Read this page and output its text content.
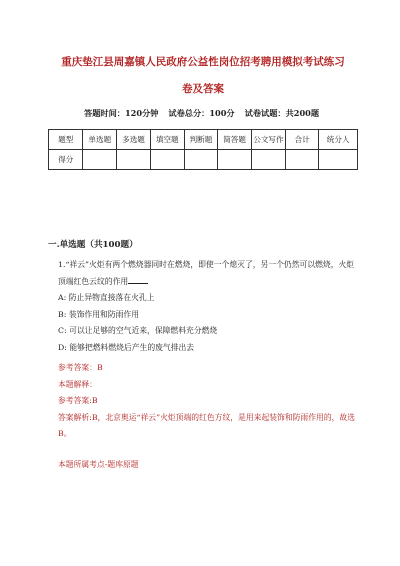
重庆垫江县周嘉镇人民政府公益性岗位招考聘用模拟考试练习卷及答案
答题时间：120分钟 试卷总分：100分 试卷试题：共200题
题型	单选题	多选题	填空题	判断题	简答题	公文写作	合计	统分人
得分								
一.单选题（共100题）
1.“祥云”火炬有两个燃烧器同时在燃烧，即使一个熄灭了，另一个仍然可以燃烧，火炬顶端红色云纹的作用
A: 防止异物直接落在火孔上
B: 装饰作用和防雨作用
C: 可以让足够的空气近来，保障燃料充分燃烧
D: 能够把燃料燃烧后产生的废气排出去
参考答案：B
本题解释：
参考答案:B
答案解析:B，北京奥运“祥云”火炬顶端的红色方纹，是用来起装饰和防雨作用的，故选B。
本题所属考点-题库原题
